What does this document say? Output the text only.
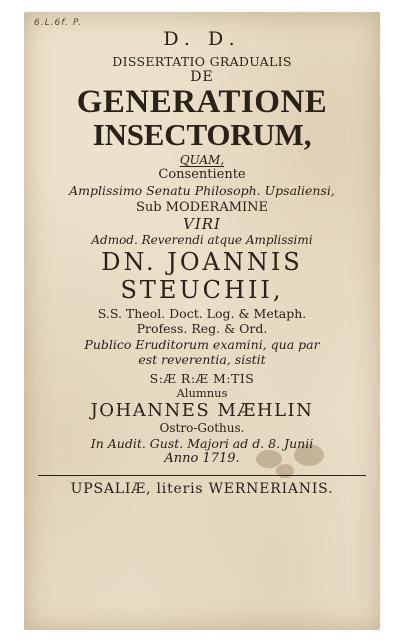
6.L.6f. P.
D. D.
DISSERTATIO GRADUALIS
DE
GENERATIONE
INSECTORUM,
QUAM,
Consentiente
Amplissimo Senatu Philosoph. Upsaliensi,
Sub MODERAMINE
VIRI
Admod. Reverendi atque Amplissimi
DN. JOANNIS
STEUCHII,
S.S. Theol. Doct. Log. & Metaph.
Profess. Reg. & Ord.
Publico Eruditorum examini, qua par
est reverentia, sistit
S:Æ R:Æ M:TIS
Alumnus
JOHANNES MÆHLIN
Ostro-Gothus.
In Audit. Gust. Majori ad d. 8. Junii
Anno 1719.
UPSALIÆ, literis WERNERIANIS.
